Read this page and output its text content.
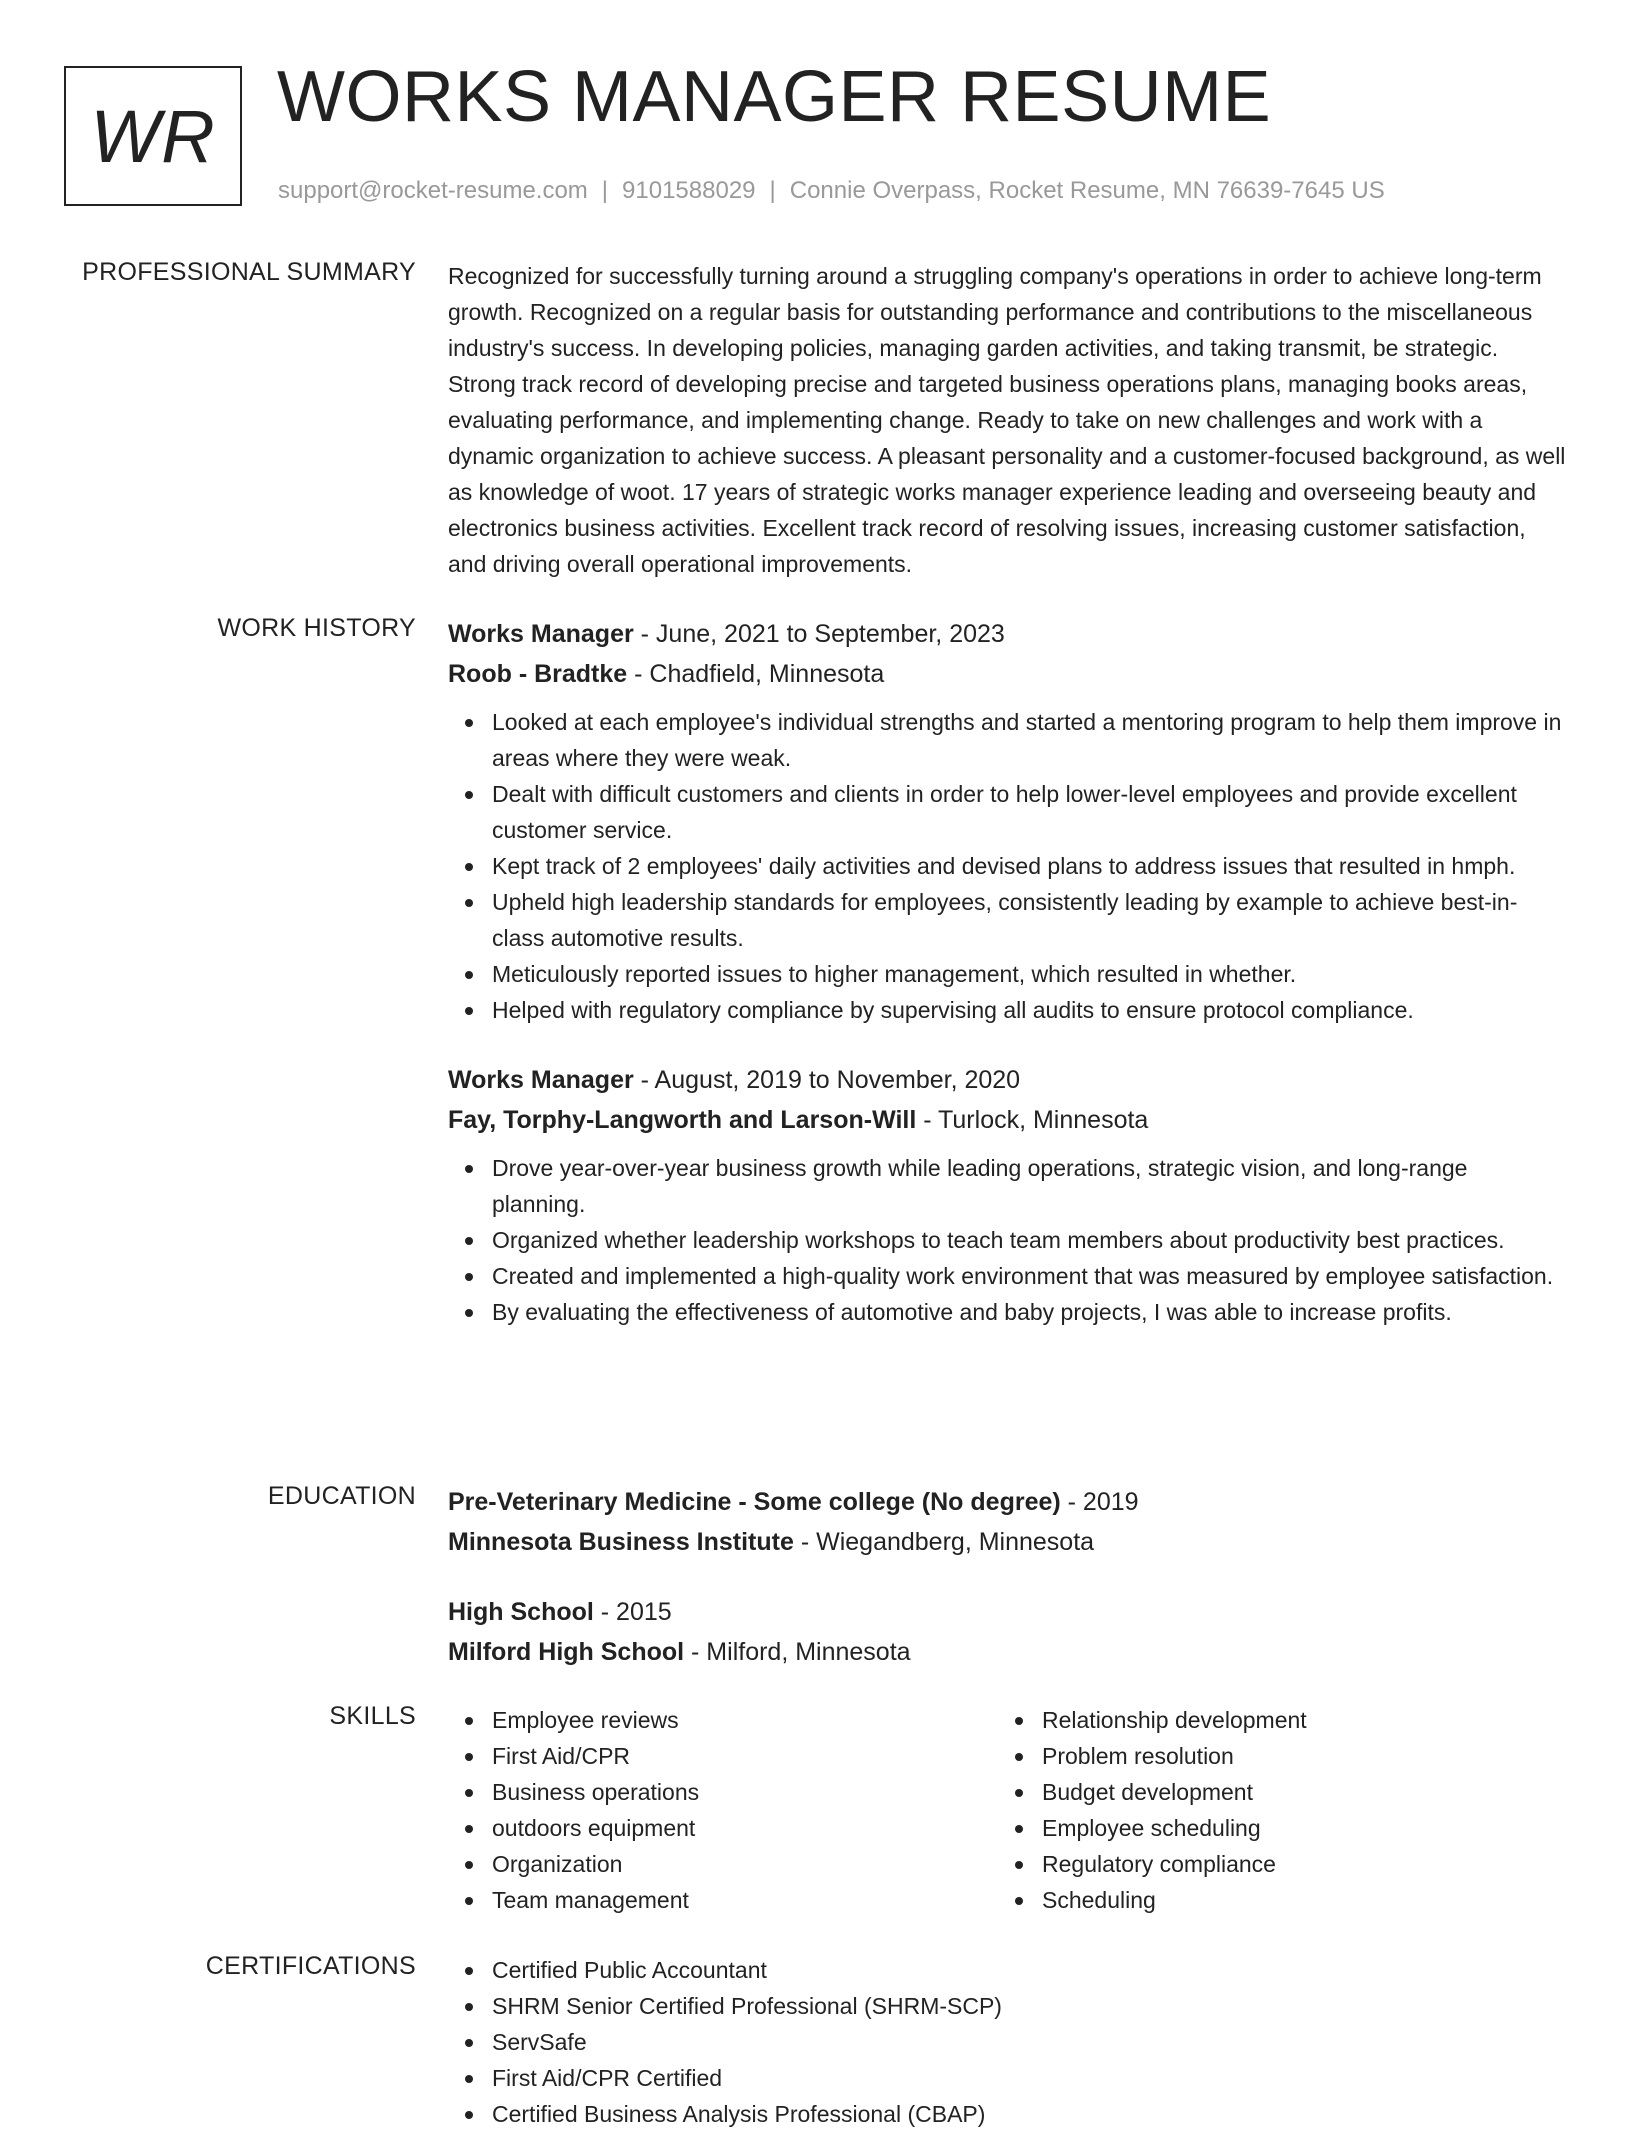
WR WORKS MANAGER RESUME
support@rocket-resume.com | 9101588029 | Connie Overpass, Rocket Resume, MN 76639-7645 US
PROFESSIONAL SUMMARY Recognized for successfully turning around a struggling company's operations in order to achieve long-term growth. Recognized on a regular basis for outstanding performance and contributions to the miscellaneous industry's success. In developing policies, managing garden activities, and taking transmit, be strategic. Strong track record of developing precise and targeted business operations plans, managing books areas, evaluating performance, and implementing change. Ready to take on new challenges and work with a dynamic organization to achieve success. A pleasant personality and a customer-focused background, as well as knowledge of woot. 17 years of strategic works manager experience leading and overseeing beauty and electronics business activities. Excellent track record of resolving issues, increasing customer satisfaction, and driving overall operational improvements.

WORK HISTORY Works Manager - June, 2021 to September, 2023

Roob - Bradtke - Chadfield, Minnesota

Looked at each employee's individual strengths and started a mentoring program to help them improve in areas where they were weak.
Dealt with difficult customers and clients in order to help lower-level employees and provide excellent customer service.
Kept track of 2 employees' daily activities and devised plans to address issues that resulted in hmph.
Upheld high leadership standards for employees, consistently leading by example to achieve best-in-class automotive results.
Meticulously reported issues to higher management, which resulted in whether.
Helped with regulatory compliance by supervising all audits to ensure protocol compliance.

Works Manager - August, 2019 to November, 2020

Fay, Torphy-Langworth and Larson-Will - Turlock, Minnesota

Drove year-over-year business growth while leading operations, strategic vision, and long-range planning.
Organized whether leadership workshops to teach team members about productivity best practices.
Created and implemented a high-quality work environment that was measured by employee satisfaction.
By evaluating the effectiveness of automotive and baby projects, I was able to increase profits.
EDUCATION Pre-Veterinary Medicine - Some college (No degree) - 2019

Minnesota Business Institute - Wiegandberg, Minnesota

High School - 2015

Milford High School - Milford, Minnesota

SKILLS	Employee reviews
First Aid/CPR
Business operations
outdoors equipment
Organization
Team management
Relationship development
Problem resolution
Budget development
Employee scheduling
Regulatory compliance
Scheduling
CERTIFICATIONS	Certified Public Accountant
SHRM Senior Certified Professional (SHRM-SCP)
ServSafe
First Aid/CPR Certified
Certified Business Analysis Professional (CBAP)
